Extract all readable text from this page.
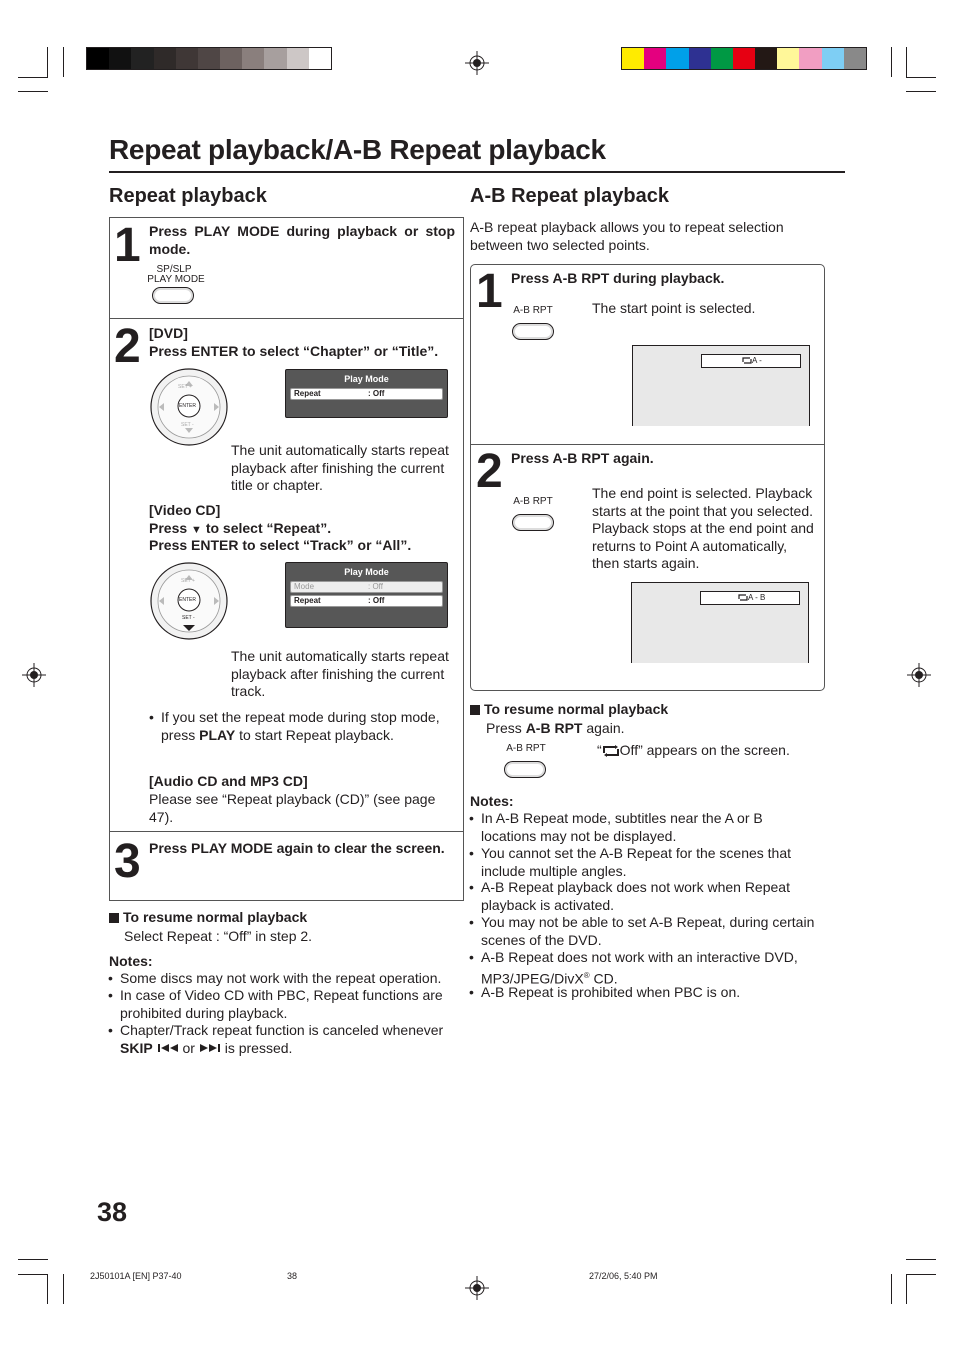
Repeat playback/A-B Repeat playback
Repeat playback
1 Press PLAY MODE during playback or stop mode.
SP/SLP
PLAY MODE
2 [DVD]
Press ENTER to select “Chapter” or “Title”.
SET +
ENTER
SET -
Play Mode
Repeat	: Off
The unit automatically starts repeat playback after finishing the current title or chapter.
[Video CD]
Press ▼ to select “Repeat”.
Press ENTER to select “Track” or “All”.
SET +
ENTER
SET -
Play Mode
Mode	: Off
Repeat	: Off
The unit automatically starts repeat playback after finishing the current track.
• If you set the repeat mode during stop mode, press PLAY to start Repeat playback.
[Audio CD and MP3 CD]
Please see “Repeat playback (CD)” (see page 47).
3 Press PLAY MODE again to clear the screen.
To resume normal playback
Select Repeat : “Off” in step 2.
Notes:
• Some discs may not work with the repeat operation.
• In case of Video CD with PBC, Repeat functions are prohibited during playback.
• Chapter/Track repeat function is canceled whenever SKIP or is pressed.
A-B Repeat playback
A-B repeat playback allows you to repeat selection between two selected points.
1 Press A-B RPT during playback.
A-B RPT	The start point is selected.
A -
2 Press A-B RPT again.
A-B RPT
The end point is selected. Playback starts at the point that you selected. Playback stops at the end point and returns to Point A automatically, then starts again.
A - B
To resume normal playback
Press A-B RPT again.
A-B RPT	“ Off” appears on the screen.
Notes:
• In A-B Repeat mode, subtitles near the A or B locations may not be displayed.
• You cannot set the A-B Repeat for the scenes that include multiple angles.
• A-B Repeat playback does not work when Repeat playback is activated.
• You may not be able to set A-B Repeat, during certain scenes of the DVD.
• A-B Repeat does not work with an interactive DVD, MP3/JPEG/DivX® CD.
• A-B Repeat is prohibited when PBC is on.
38
2J50101A [EN] P37-40	38	27/2/06, 5:40 PM
